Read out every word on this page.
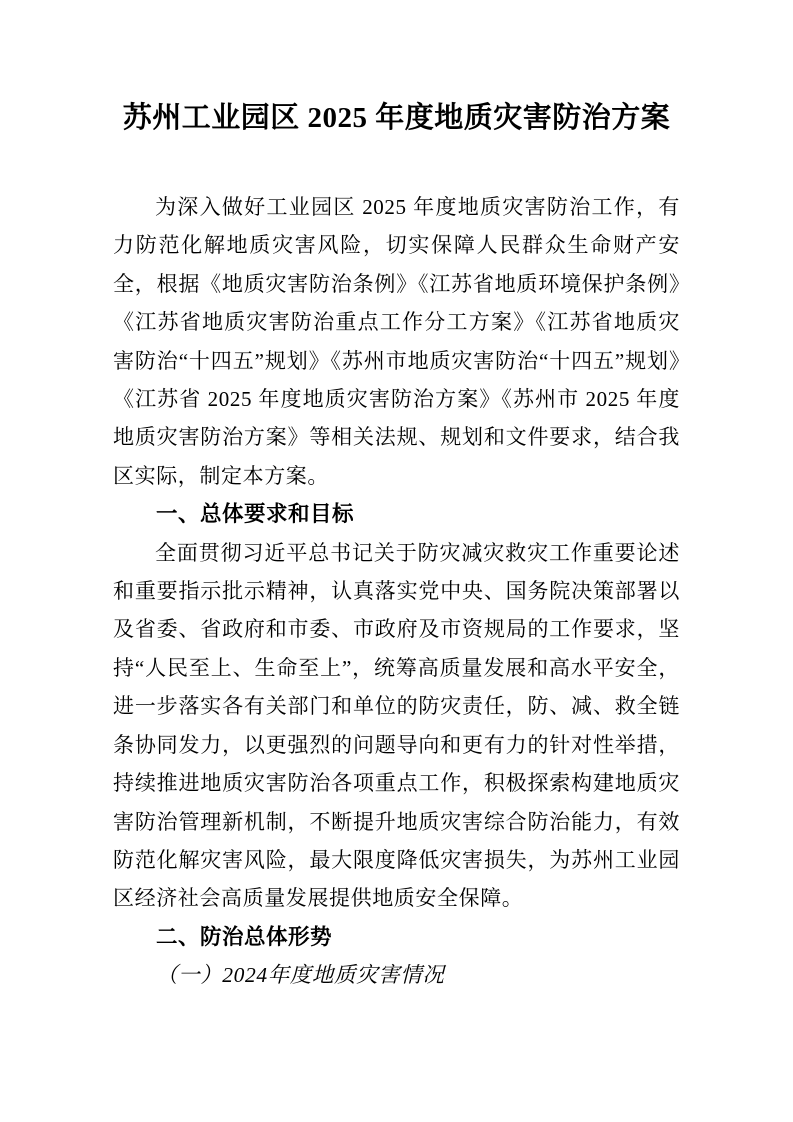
苏州工业园区 2025 年度地质灾害防治方案

为深入做好工业园区 2025 年度地质灾害防治工作，有力防范化解地质灾害风险，切实保障人民群众生命财产安全，根据《地质灾害防治条例》《江苏省地质环境保护条例》《江苏省地质灾害防治重点工作分工方案》《江苏省地质灾害防治“十四五”规划》《苏州市地质灾害防治“十四五”规划》《江苏省 2025 年度地质灾害防治方案》《苏州市 2025 年度地质灾害防治方案》等相关法规、规划和文件要求，结合我区实际，制定本方案。

一、总体要求和目标

全面贯彻习近平总书记关于防灾减灾救灾工作重要论述和重要指示批示精神，认真落实党中央、国务院决策部署以及省委、省政府和市委、市政府及市资规局的工作要求，坚持“人民至上、生命至上”，统筹高质量发展和高水平安全，进一步落实各有关部门和单位的防灾责任，防、减、救全链条协同发力，以更强烈的问题导向和更有力的针对性举措，持续推进地质灾害防治各项重点工作，积极探索构建地质灾害防治管理新机制，不断提升地质灾害综合防治能力，有效防范化解灾害风险，最大限度降低灾害损失，为苏州工业园区经济社会高质量发展提供地质安全保障。

二、防治总体形势

（一）2024年度地质灾害情况
